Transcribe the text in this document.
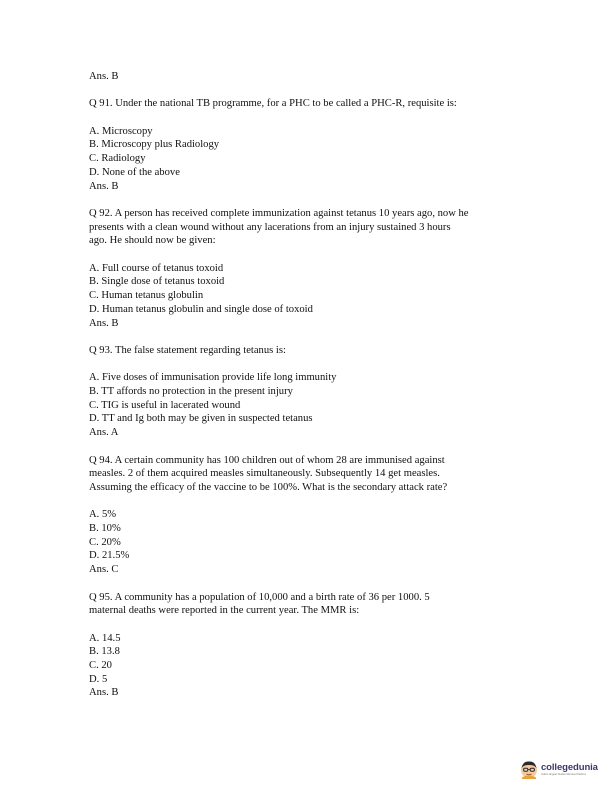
Ans. B
Q 91. Under the national TB programme, for a PHC to be called a PHC-R, requisite is:
A. Microscopy
B. Microscopy plus Radiology
C. Radiology
D. None of the above
Ans. B
Q 92. A person has received complete immunization against tetanus 10 years ago, now he
presents with a clean wound without any lacerations from an injury sustained 3 hours
ago. He should now be given:
A. Full course of tetanus toxoid
B. Single dose of tetanus toxoid
C. Human tetanus globulin
D. Human tetanus globulin and single dose of toxoid
Ans. B
Q 93. The false statement regarding tetanus is:
A. Five doses of immunisation provide life long immunity
B. TT affords no protection in the present injury
C. TIG is useful in lacerated wound
D. TT and Ig both may be given in suspected tetanus
Ans. A
Q 94. A certain community has 100 children out of whom 28 are immunised against
measles. 2 of them acquired measles simultaneously. Subsequently 14 get measles.
Assuming the efficacy of the vaccine to be 100%. What is the secondary attack rate?
A. 5%
B. 10%
C. 20%
D. 21.5%
Ans. C
Q 95. A community has a population of 10,000 and a birth rate of 36 per 1000. 5
maternal deaths were reported in the current year. The MMR is:
A. 14.5
B. 13.8
C. 20
D. 5
Ans. B
collegedunia
India's largest Student Review Platform
